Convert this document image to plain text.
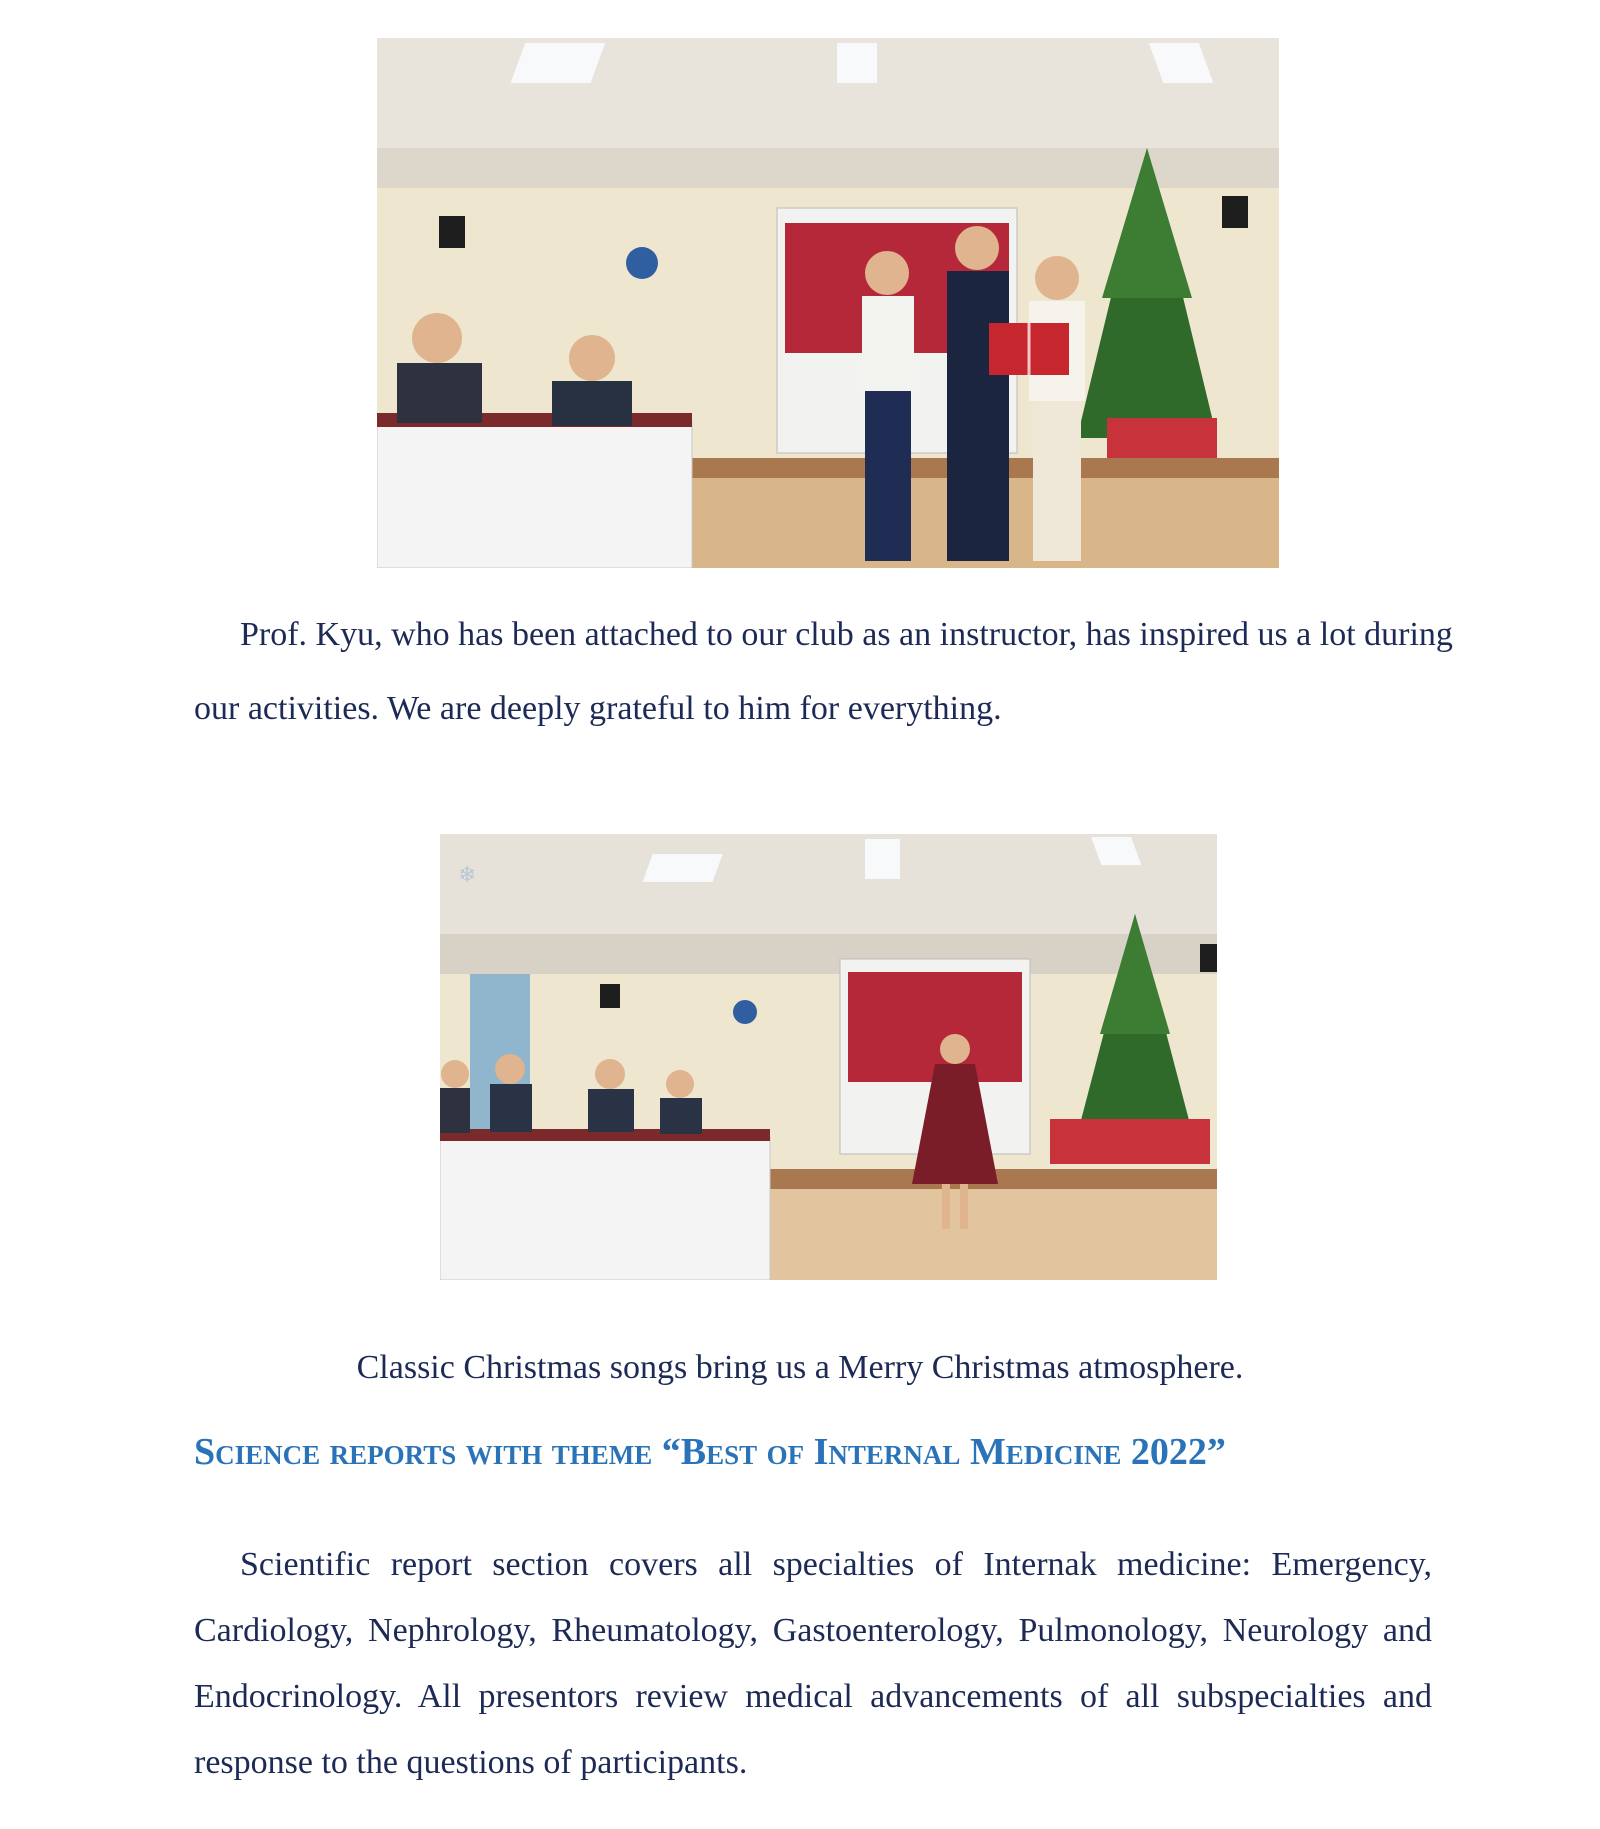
Prof. Kyu, who has been attached to our club as an instructor, has inspired us a lot during our activities. We are deeply grateful to him for everything.

❄

Classic Christmas songs bring us a Merry Christmas atmosphere.

Science reports with theme “Best of Internal Medicine 2022”

Scientific report section covers all specialties of Internak medicine: Emergency, Cardiology, Nephrology, Rheumatology, Gastoenterology, Pulmonology, Neurology and Endocrinology. All presentors review medical advancements of all subspecialties and response to the questions of participants.
